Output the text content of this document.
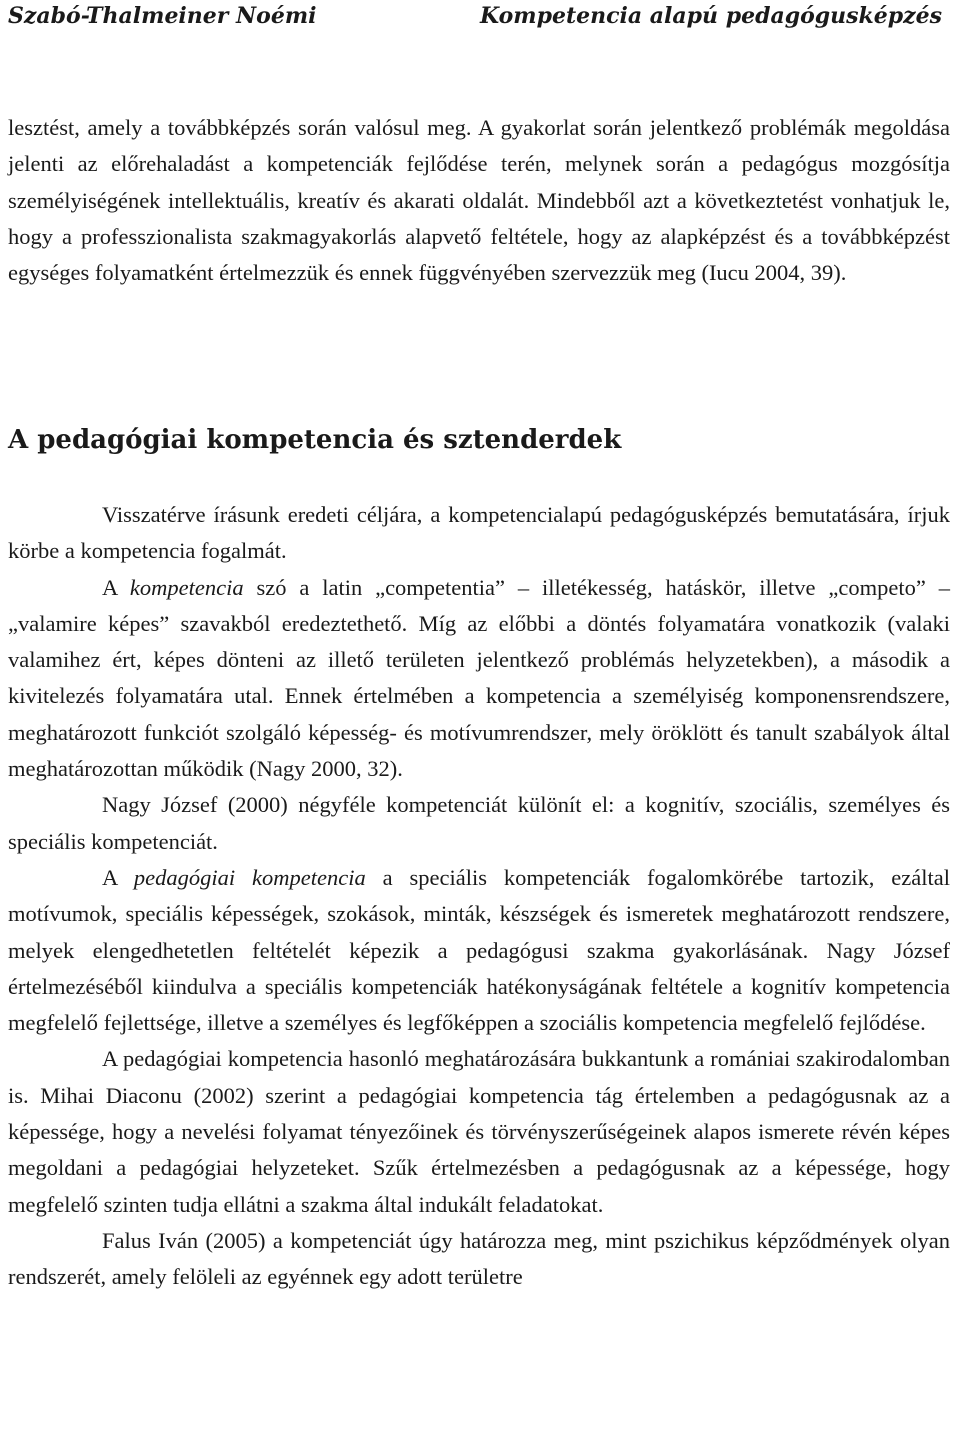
Szabó-Thalmeiner Noémi	Kompetencia alapú pedagógusképzés

lesztést, amely a továbbképzés során valósul meg. A gyakorlat során jelentkező problémák megoldása jelenti az előrehaladást a kompetenciák fejlődése terén, melynek során a pedagógus mozgósítja személyiségének intellektuális, kreatív és akarati oldalát. Mindebből azt a következtetést vonhatjuk le, hogy a professzionalista szakmagyakorlás alapvető feltétele, hogy az alapképzést és a továbbképzést egységes folyamatként értelmezzük és ennek függvényében szervezzük meg (Iucu 2004, 39).

A pedagógiai kompetencia és sztenderdek

Visszatérve írásunk eredeti céljára, a kompetencialapú pedagógusképzés bemutatására, írjuk körbe a kompetencia fogalmát.

A kompetencia szó a latin „competentia” – illetékesség, hatáskör, illetve „competo” – „valamire képes” szavakból eredeztethető. Míg az előbbi a döntés folyamatára vonatkozik (valaki valamihez ért, képes dönteni az illető területen jelentkező problémás helyzetekben), a második a kivitelezés folyamatára utal. Ennek értelmében a kompetencia a személyiség komponensrendszere, meghatározott funkciót szolgáló képesség- és motívumrendszer, mely öröklött és tanult szabályok által meghatározottan működik (Nagy 2000, 32).

Nagy József (2000) négyféle kompetenciát különít el: a kognitív, szociális, személyes és speciális kompetenciát.

A pedagógiai kompetencia a speciális kompetenciák fogalomkörébe tartozik, ezáltal motívumok, speciális képességek, szokások, minták, készségek és ismeretek meghatározott rendszere, melyek elengedhetetlen feltételét képezik a pedagógusi szakma gyakorlásának. Nagy József értelmezéséből kiindulva a speciális kompetenciák hatékonyságának feltétele a kognitív kompetencia megfelelő fejlettsége, illetve a személyes és legfőképpen a szociális kompetencia megfelelő fejlődése.

A pedagógiai kompetencia hasonló meghatározására bukkantunk a romániai szakirodalomban is. Mihai Diaconu (2002) szerint a pedagógiai kompetencia tág értelemben a pedagógusnak az a képessége, hogy a nevelési folyamat tényezőinek és törvényszerűségeinek alapos ismerete révén képes megoldani a pedagógiai helyzeteket. Szűk értelmezésben a pedagógusnak az a képessége, hogy megfelelő szinten tudja ellátni a szakma által indukált feladatokat.

Falus Iván (2005) a kompetenciát úgy határozza meg, mint pszichikus képződmények olyan rendszerét, amely felöleli az egyénnek egy adott területre
